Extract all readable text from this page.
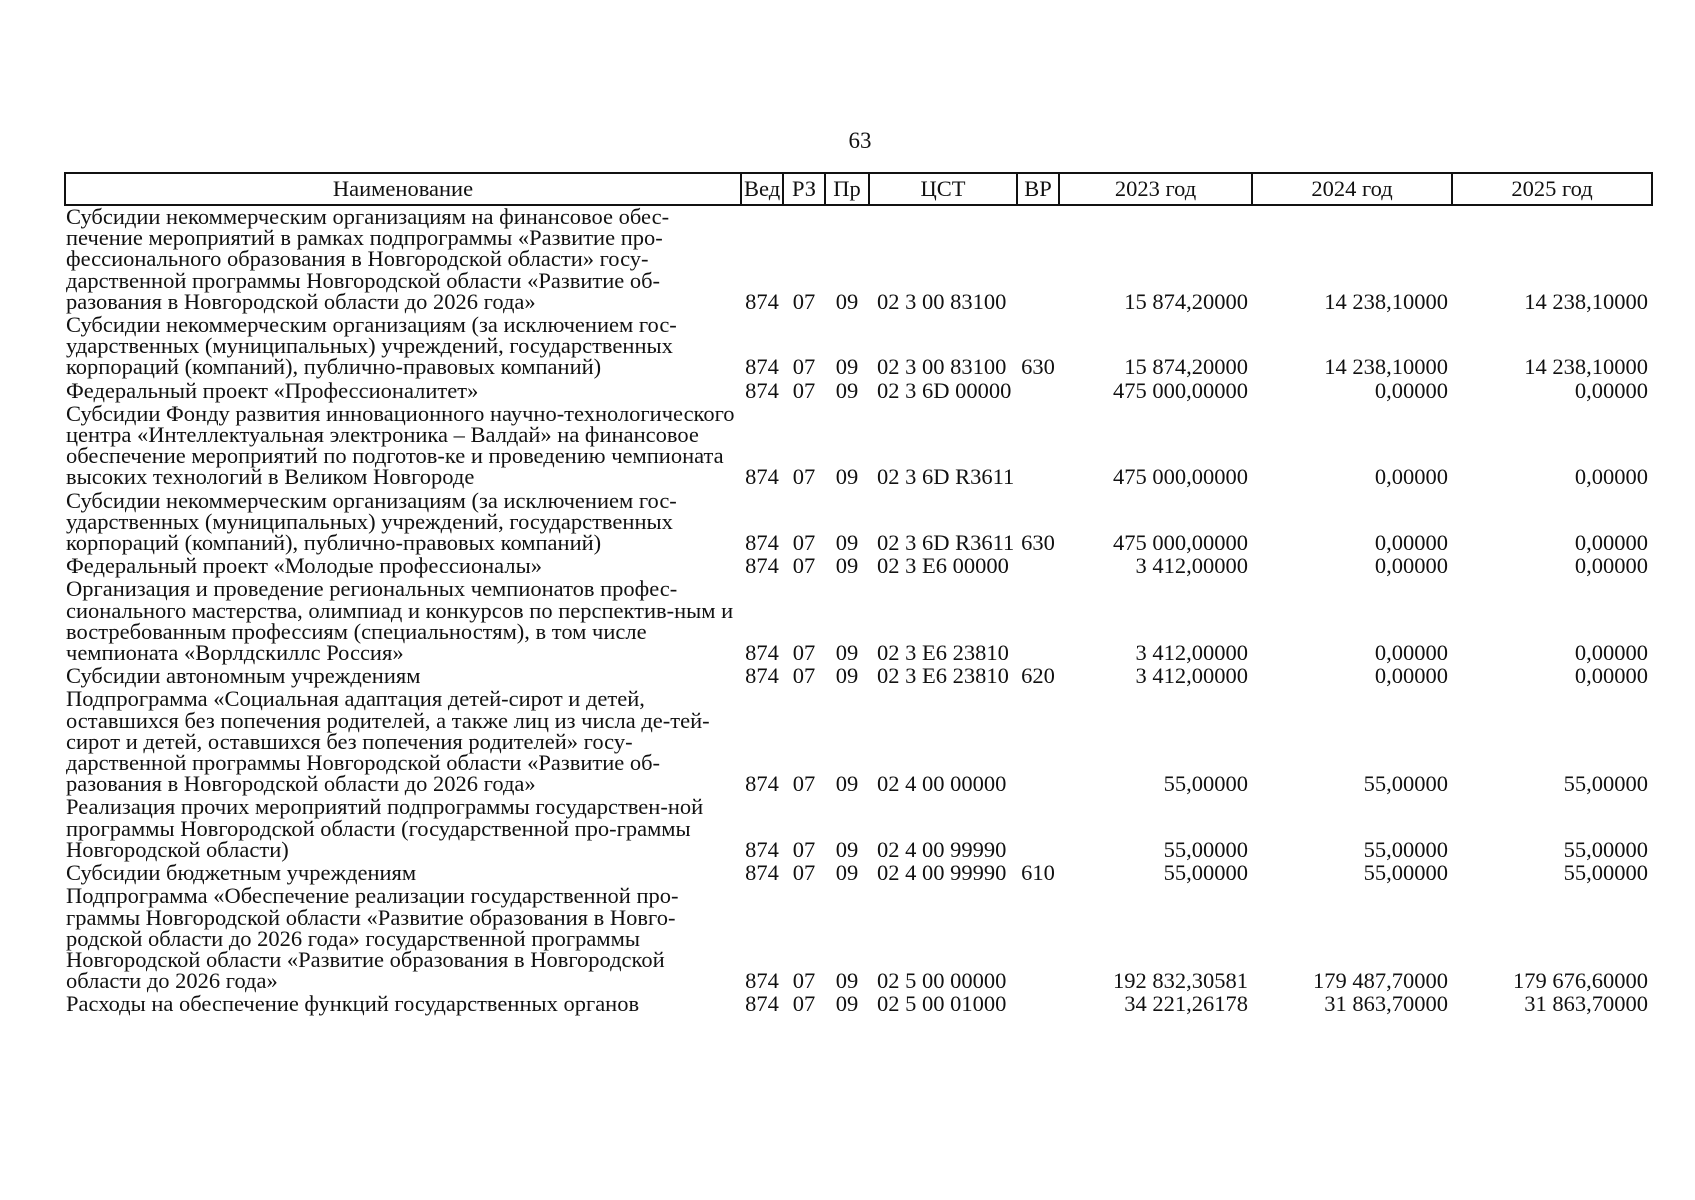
63
Наименование	Вед	РЗ	Пр	ЦСТ	ВР	2023 год	2024 год	2025 год
Субсидии некоммерческим организациям на финансовое обес-печение мероприятий в рамках подпрограммы «Развитие про-фессионального образования в Новгородской области» госу-дарственной программы Новгородской области «Развитие об-разования в Новгородской области до 2026 года»	874	07	09	02 3 00 83100		15 874,20000	14 238,10000	14 238,10000
Субсидии некоммерческим организациям (за исключением гос-ударственных (муниципальных) учреждений, государственных корпораций (компаний), публично-правовых компаний)	874	07	09	02 3 00 83100	630	15 874,20000	14 238,10000	14 238,10000
Федеральный проект «Профессионалитет»	874	07	09	02 3 6D 00000		475 000,00000	0,00000	0,00000
Субсидии Фонду развития инновационного научно-технологического центра «Интеллектуальная электроника – Валдай» на финансовое обеспечение мероприятий по подготов-ке и проведению чемпионата высоких технологий в Великом Новгороде	874	07	09	02 3 6D R3611		475 000,00000	0,00000	0,00000
Субсидии некоммерческим организациям (за исключением гос-ударственных (муниципальных) учреждений, государственных корпораций (компаний), публично-правовых компаний)	874	07	09	02 3 6D R3611	630	475 000,00000	0,00000	0,00000
Федеральный проект «Молодые профессионалы»	874	07	09	02 3 E6 00000		3 412,00000	0,00000	0,00000
Организация и проведение региональных чемпионатов профес-сионального мастерства, олимпиад и конкурсов по перспектив-ным и востребованным профессиям (специальностям), в том числе чемпионата «Ворлдскиллс Россия»	874	07	09	02 3 E6 23810		3 412,00000	0,00000	0,00000
Субсидии автономным учреждениям	874	07	09	02 3 E6 23810	620	3 412,00000	0,00000	0,00000
Подпрограмма «Социальная адаптация детей-сирот и детей, оставшихся без попечения родителей, а также лиц из числа де-тей-сирот и детей, оставшихся без попечения родителей» госу-дарственной программы Новгородской области «Развитие об-разования в Новгородской области до 2026 года»	874	07	09	02 4 00 00000		55,00000	55,00000	55,00000
Реализация прочих мероприятий подпрограммы государствен-ной программы Новгородской области (государственной про-граммы Новгородской области)	874	07	09	02 4 00 99990		55,00000	55,00000	55,00000
Субсидии бюджетным учреждениям	874	07	09	02 4 00 99990	610	55,00000	55,00000	55,00000
Подпрограмма «Обеспечение реализации государственной про-граммы Новгородской области «Развитие образования в Новго-родской области до 2026 года» государственной программы Новгородской области «Развитие образования в Новгородской области до 2026 года»	874	07	09	02 5 00 00000		192 832,30581	179 487,70000	179 676,60000
Расходы на обеспечение функций государственных органов	874	07	09	02 5 00 01000		34 221,26178	31 863,70000	31 863,70000
